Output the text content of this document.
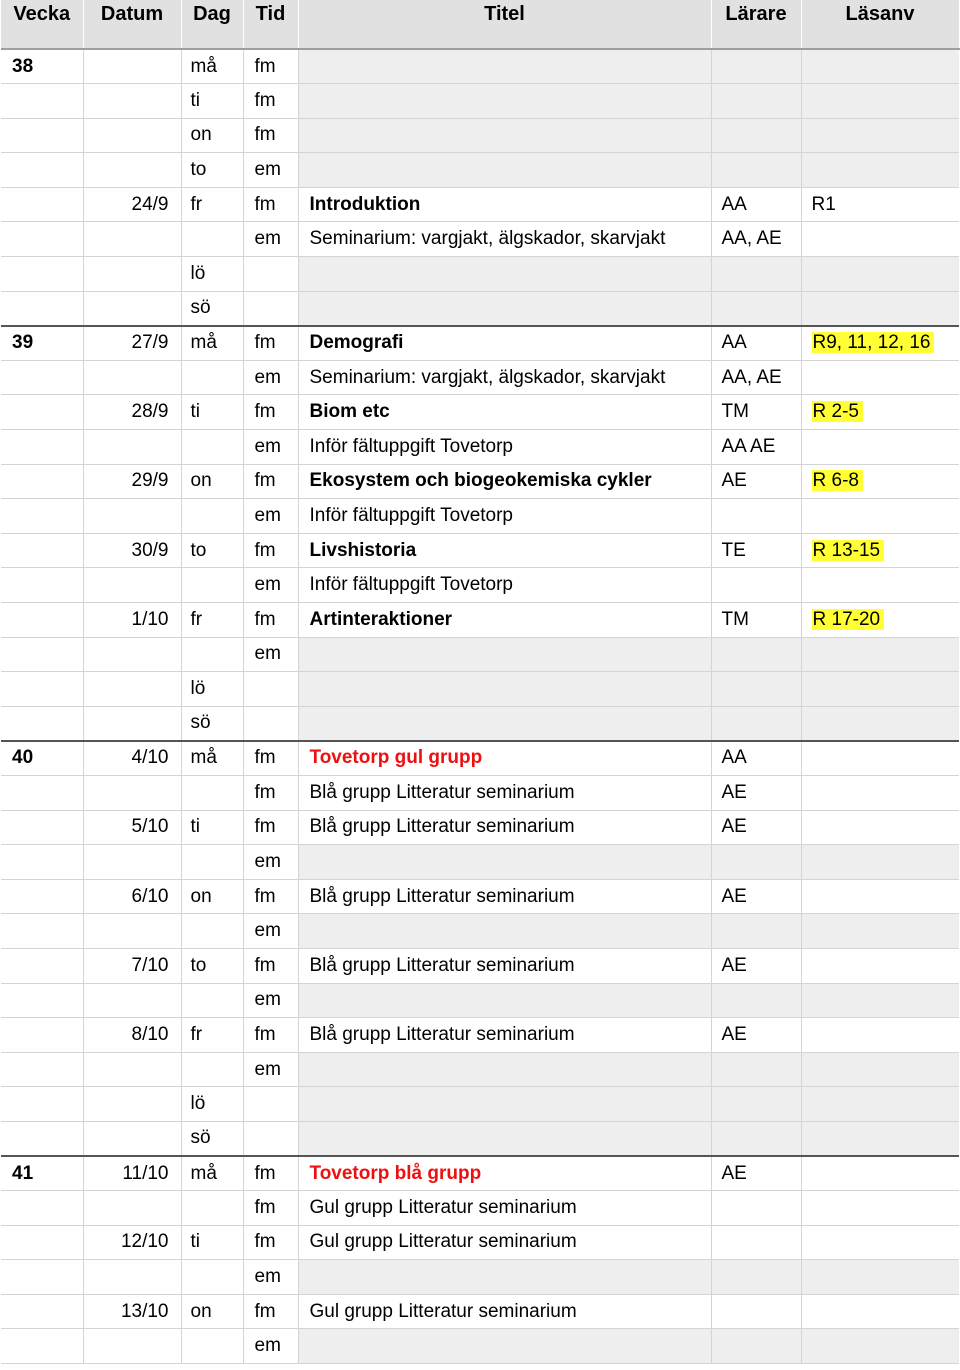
Vecka	Datum	Dag	Tid	Titel	Lärare	Läsanv
38		må	fm			
		ti	fm			
		on	fm			
		to	em			
	24/9	fr	fm	Introduktion	AA	R1
			em	Seminarium: vargjakt, älgskador, skarvjakt	AA, AE	
		lö				
		sö				
39	27/9	må	fm	Demografi	AA	R9, 11, 12, 16
			em	Seminarium: vargjakt, älgskador, skarvjakt	AA, AE	
	28/9	ti	fm	Biom etc	TM	R 2-5
			em	Inför fältuppgift Tovetorp	AA AE	
	29/9	on	fm	Ekosystem och biogeokemiska cykler	AE	R 6-8
			em	Inför fältuppgift Tovetorp		
	30/9	to	fm	Livshistoria	TE	R 13-15
			em	Inför fältuppgift Tovetorp		
	1/10	fr	fm	Artinteraktioner	TM	R 17-20
			em			
		lö				
		sö				
40	4/10	må	fm	Tovetorp gul grupp	AA	
			fm	Blå grupp Litteratur seminarium	AE	
	5/10	ti	fm	Blå grupp Litteratur seminarium	AE	
			em			
	6/10	on	fm	Blå grupp Litteratur seminarium	AE	
			em			
	7/10	to	fm	Blå grupp Litteratur seminarium	AE	
			em			
	8/10	fr	fm	Blå grupp Litteratur seminarium	AE	
			em			
		lö				
		sö				
41	11/10	må	fm	Tovetorp blå grupp	AE	
			fm	Gul grupp Litteratur seminarium		
	12/10	ti	fm	Gul grupp Litteratur seminarium		
			em			
	13/10	on	fm	Gul grupp Litteratur seminarium		
			em			
